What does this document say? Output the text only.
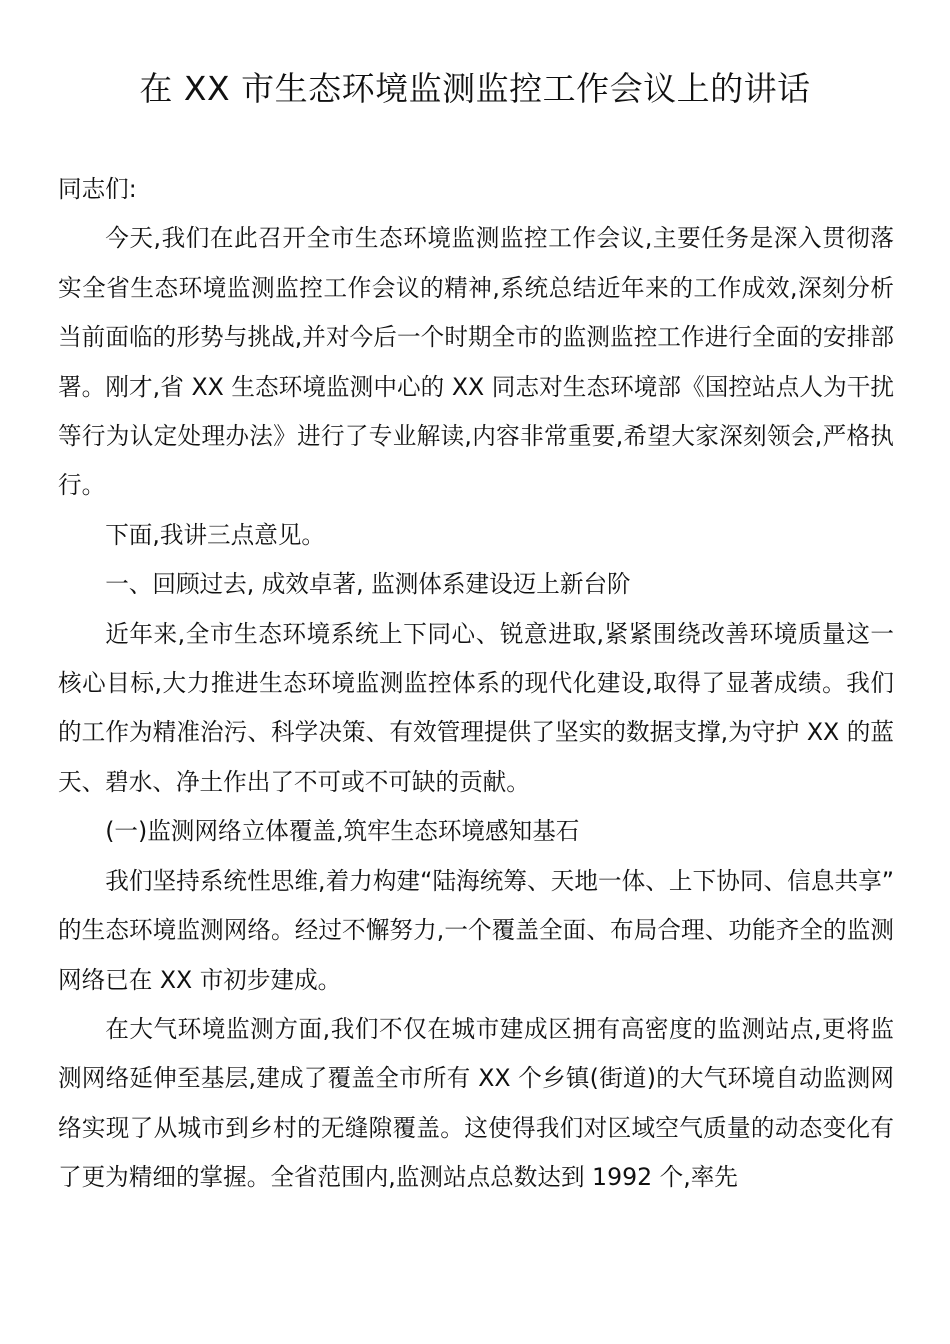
在 XX 市生态环境监测监控工作会议上的讲话

同志们:

今天,我们在此召开全市生态环境监测监控工作会议,主要任务是深入贯彻落实全省生态环境监测监控工作会议的精神,系统总结近年来的工作成效,深刻分析当前面临的形势与挑战,并对今后一个时期全市的监测监控工作进行全面的安排部署。刚才,省 XX 生态环境监测中心的 XX 同志对生态环境部《国控站点人为干扰等行为认定处理办法》进行了专业解读,内容非常重要,希望大家深刻领会,严格执行。

下面,我讲三点意见。

一、回顾过去, 成效卓著, 监测体系建设迈上新台阶

近年来,全市生态环境系统上下同心、锐意进取,紧紧围绕改善环境质量这一核心目标,大力推进生态环境监测监控体系的现代化建设,取得了显著成绩。我们的工作为精准治污、科学决策、有效管理提供了坚实的数据支撑,为守护 XX 的蓝天、碧水、净土作出了不可或不可缺的贡献。

(一)监测网络立体覆盖,筑牢生态环境感知基石

我们坚持系统性思维,着力构建“陆海统筹、天地一体、上下协同、信息共享”的生态环境监测网络。经过不懈努力,一个覆盖全面、布局合理、功能齐全的监测网络已在 XX 市初步建成。

在大气环境监测方面,我们不仅在城市建成区拥有高密度的监测站点,更将监测网络延伸至基层,建成了覆盖全市所有 XX 个乡镇(街道)的大气环境自动监测网络实现了从城市到乡村的无缝隙覆盖。这使得我们对区域空气质量的动态变化有了更为精细的掌握。全省范围内,监测站点总数达到 1992 个,率先
